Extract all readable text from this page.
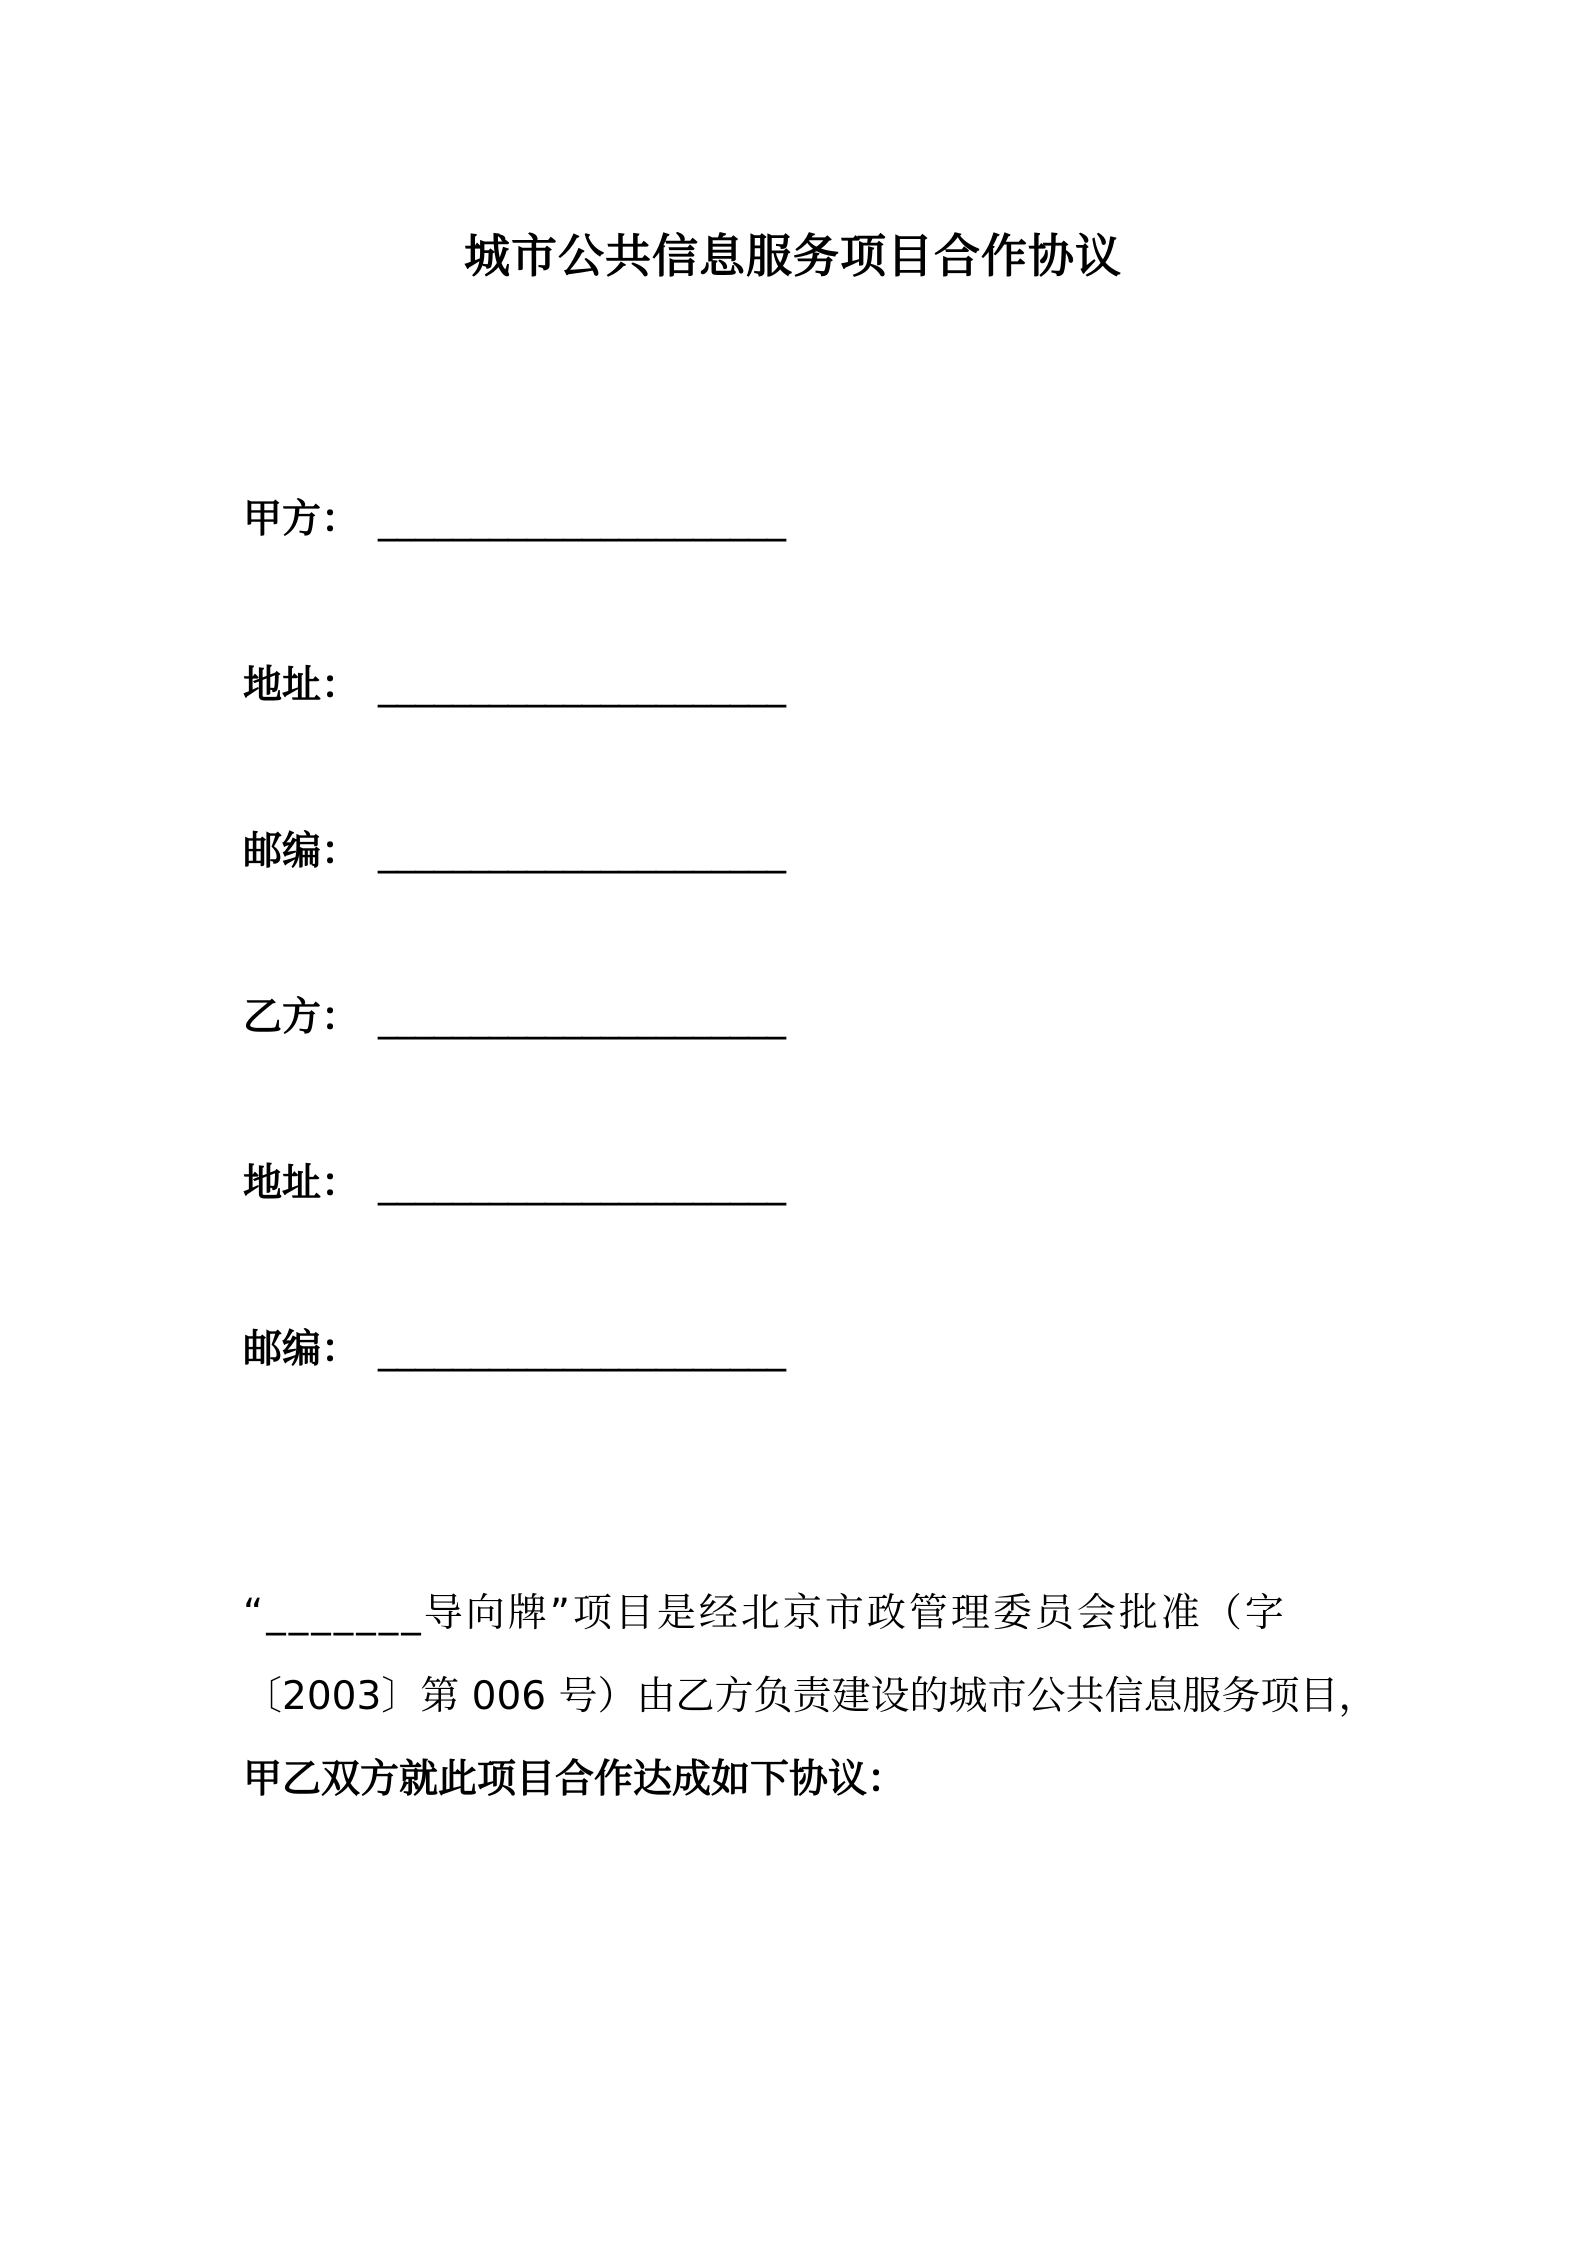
城市公共信息服务项目合作协议
甲方： ______________________
地址： ______________________
邮编： ______________________
乙方： ______________________
地址： ______________________
邮编： ______________________
“_______导向牌”项目是经北京市政管理委员会批准（字
〔2003〕第 006 号）由乙方负责建设的城市公共信息服务项目，
甲乙双方就此项目合作达成如下协议：
